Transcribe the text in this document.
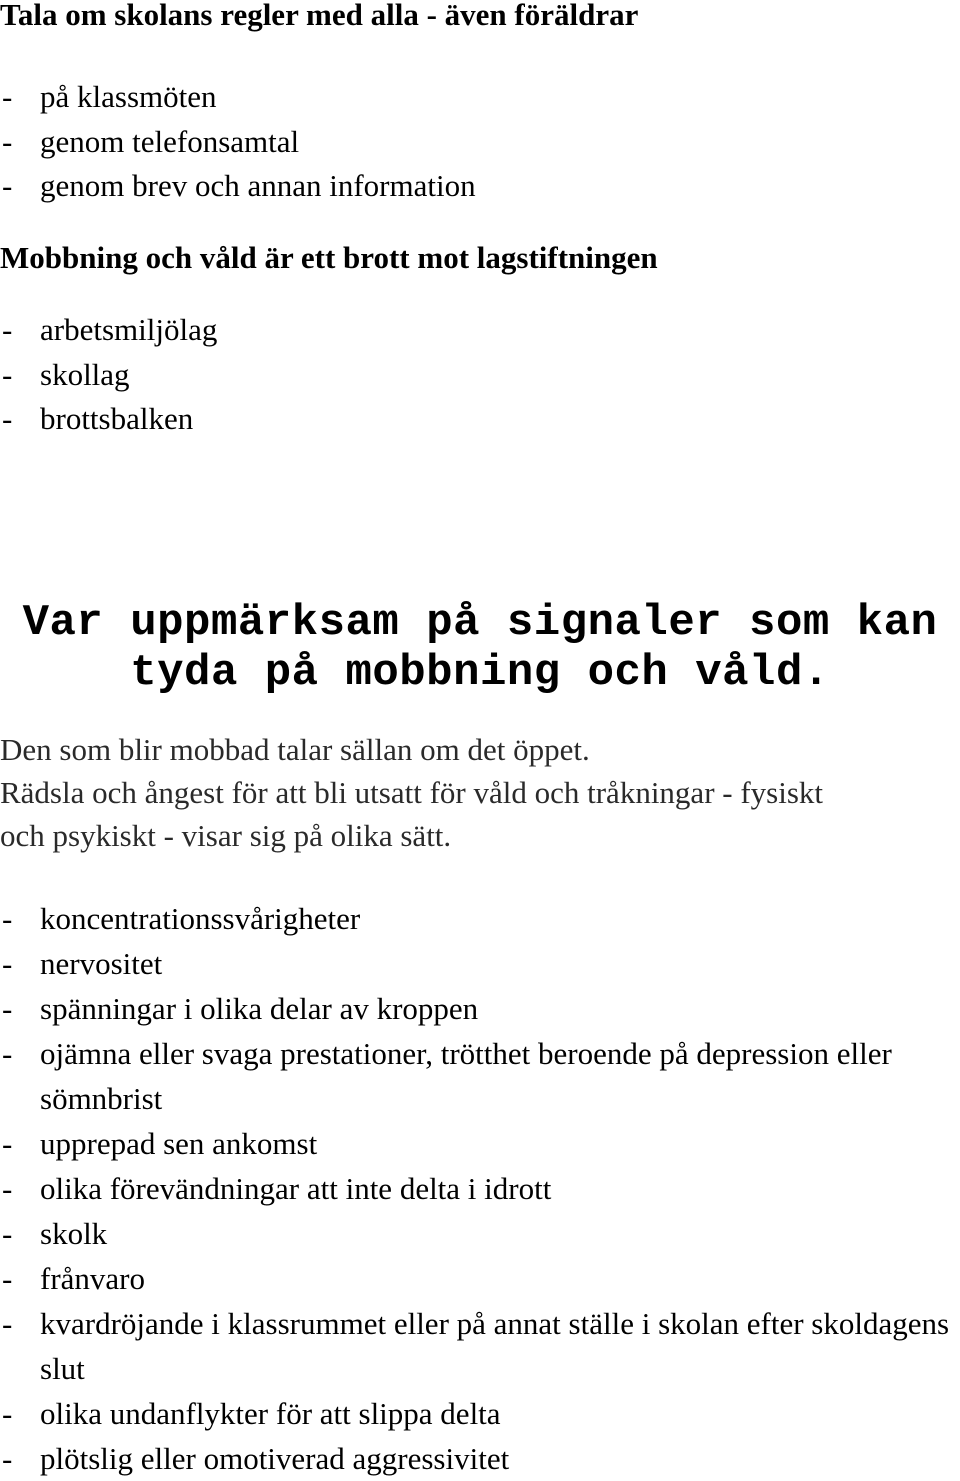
Tala om skolans regler med alla - även föräldrar
- på klassmöten
- genom telefonsamtal
- genom brev och annan information
Mobbning och våld är ett brott mot lagstiftningen
- arbetsmiljölag
- skollag
- brottsbalken
Var uppmärksam på signaler som kan
tyda på mobbning och våld.

Den som blir mobbad talar sällan om det öppet.
Rädsla och ångest för att bli utsatt för våld och tråkningar - fysiskt
och psykiskt - visar sig på olika sätt.

- koncentrationssvårigheter
- nervositet
- spänningar i olika delar av kroppen
- ojämna eller svaga prestationer, trötthet beroende på depression eller sömnbrist
- upprepad sen ankomst
- olika förevändningar att inte delta i idrott
- skolk
- frånvaro
- kvardröjande i klassrummet eller på annat ställe i skolan efter skoldagens slut
- olika undanflykter för att slippa delta
- plötslig eller omotiverad aggressivitet
